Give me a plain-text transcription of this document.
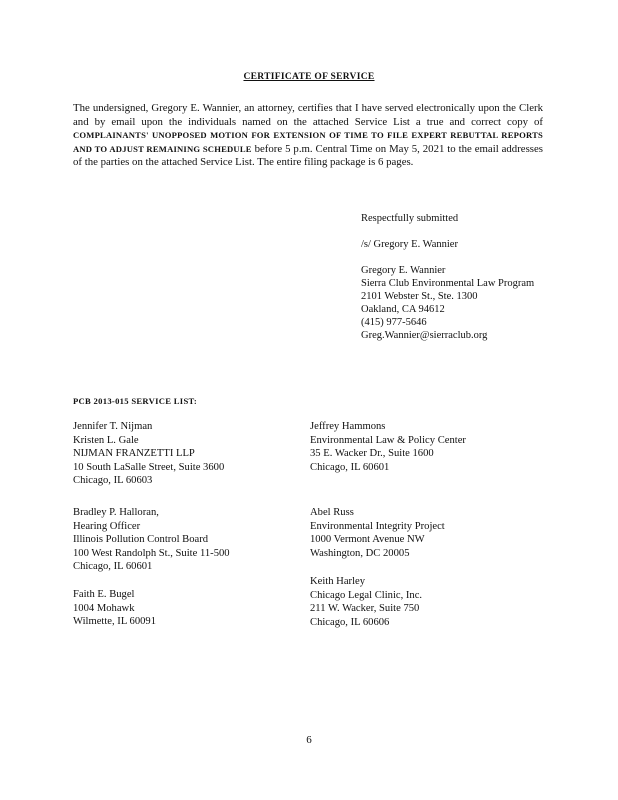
CERTIFICATE OF SERVICE
The undersigned, Gregory E. Wannier, an attorney, certifies that I have served electronically upon the Clerk and by email upon the individuals named on the attached Service List a true and correct copy of COMPLAINANTS' UNOPPOSED MOTION FOR EXTENSION OF TIME TO FILE EXPERT REBUTTAL REPORTS AND TO ADJUST REMAINING SCHEDULE before 5 p.m. Central Time on May 5, 2021 to the email addresses of the parties on the attached Service List. The entire filing package is 6 pages.
Respectfully submitted
/s/ Gregory E. Wannier
Gregory E. Wannier
Sierra Club Environmental Law Program
2101 Webster St., Ste. 1300
Oakland, CA 94612
(415) 977-5646
Greg.Wannier@sierraclub.org
PCB 2013-015 SERVICE LIST:
Jennifer T. Nijman
Kristen L. Gale
NIJMAN FRANZETTI LLP
10 South LaSalle Street, Suite 3600
Chicago, IL 60603
Bradley P. Halloran,
Hearing Officer
Illinois Pollution Control Board
100 West Randolph St., Suite 11-500
Chicago, IL 60601
Faith E. Bugel
1004 Mohawk
Wilmette, IL 60091
Jeffrey Hammons
Environmental Law & Policy Center
35 E. Wacker Dr., Suite 1600
Chicago, IL 60601
Abel Russ
Environmental Integrity Project
1000 Vermont Avenue NW
Washington, DC 20005
Keith Harley
Chicago Legal Clinic, Inc.
211 W. Wacker, Suite 750
Chicago, IL 60606
6
